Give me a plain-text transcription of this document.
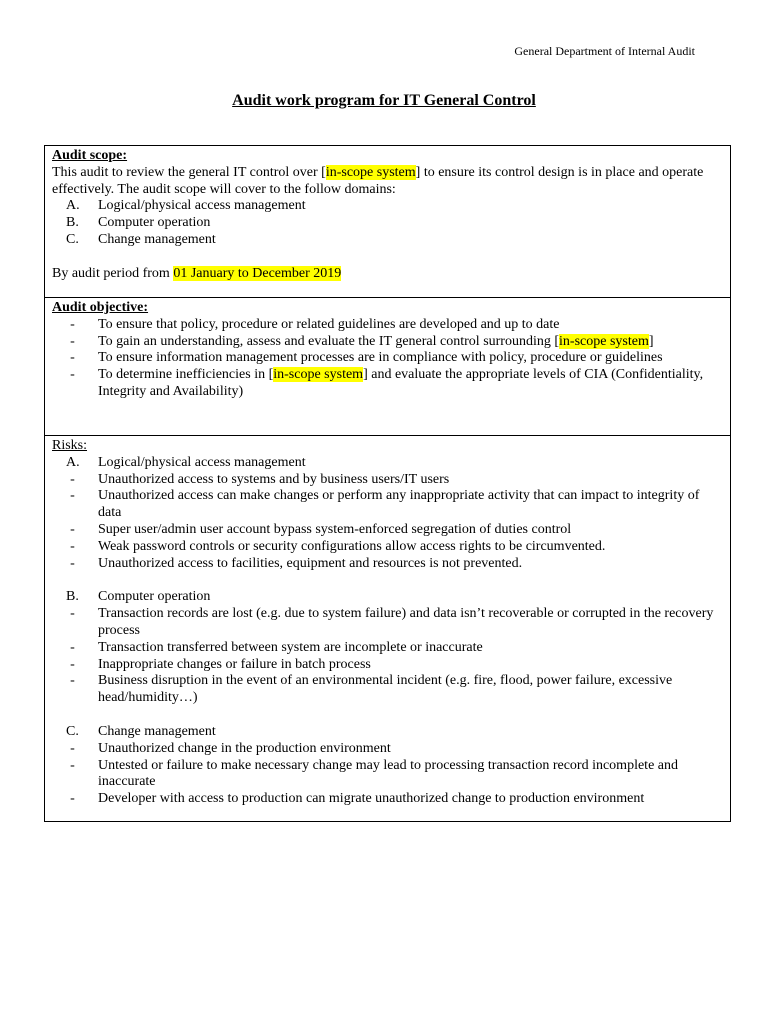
General Department of Internal Audit
Audit work program for IT General Control
Audit scope:

This audit to review the general IT control over [in-scope system] to ensure its control design is in place and operate effectively. The audit scope will cover to the follow domains:

A.	Logical/physical access management
B.	Computer operation
C.	Change management

By audit period from 01 January to December 2019

Audit objective:
-	To ensure that policy, procedure or related guidelines are developed and up to date
-	To gain an understanding, assess and evaluate the IT general control surrounding [in-scope system]
-	To ensure information management processes are in compliance with policy, procedure or guidelines
-	To determine inefficiencies in [in-scope system] and evaluate the appropriate levels of CIA (Confidentiality, Integrity and Availability)

Risks:
A.	Logical/physical access management
-	Unauthorized access to systems and by business users/IT users
-	Unauthorized access can make changes or perform any inappropriate activity that can impact to integrity of data
-	Super user/admin user account bypass system-enforced segregation of duties control
-	Weak password controls or security configurations allow access rights to be circumvented.
-	Unauthorized access to facilities, equipment and resources is not prevented.
B.	Computer operation
-	Transaction records are lost (e.g. due to system failure) and data isn’t recoverable or corrupted in the recovery process
-	Transaction transferred between system are incomplete or inaccurate
-	Inappropriate changes or failure in batch process
-	Business disruption in the event of an environmental incident (e.g. fire, flood, power failure, excessive head/humidity…)
C.	Change management
-	Unauthorized change in the production environment
-	Untested or failure to make necessary change may lead to processing transaction record incomplete and inaccurate
-	Developer with access to production can migrate unauthorized change to production environment
